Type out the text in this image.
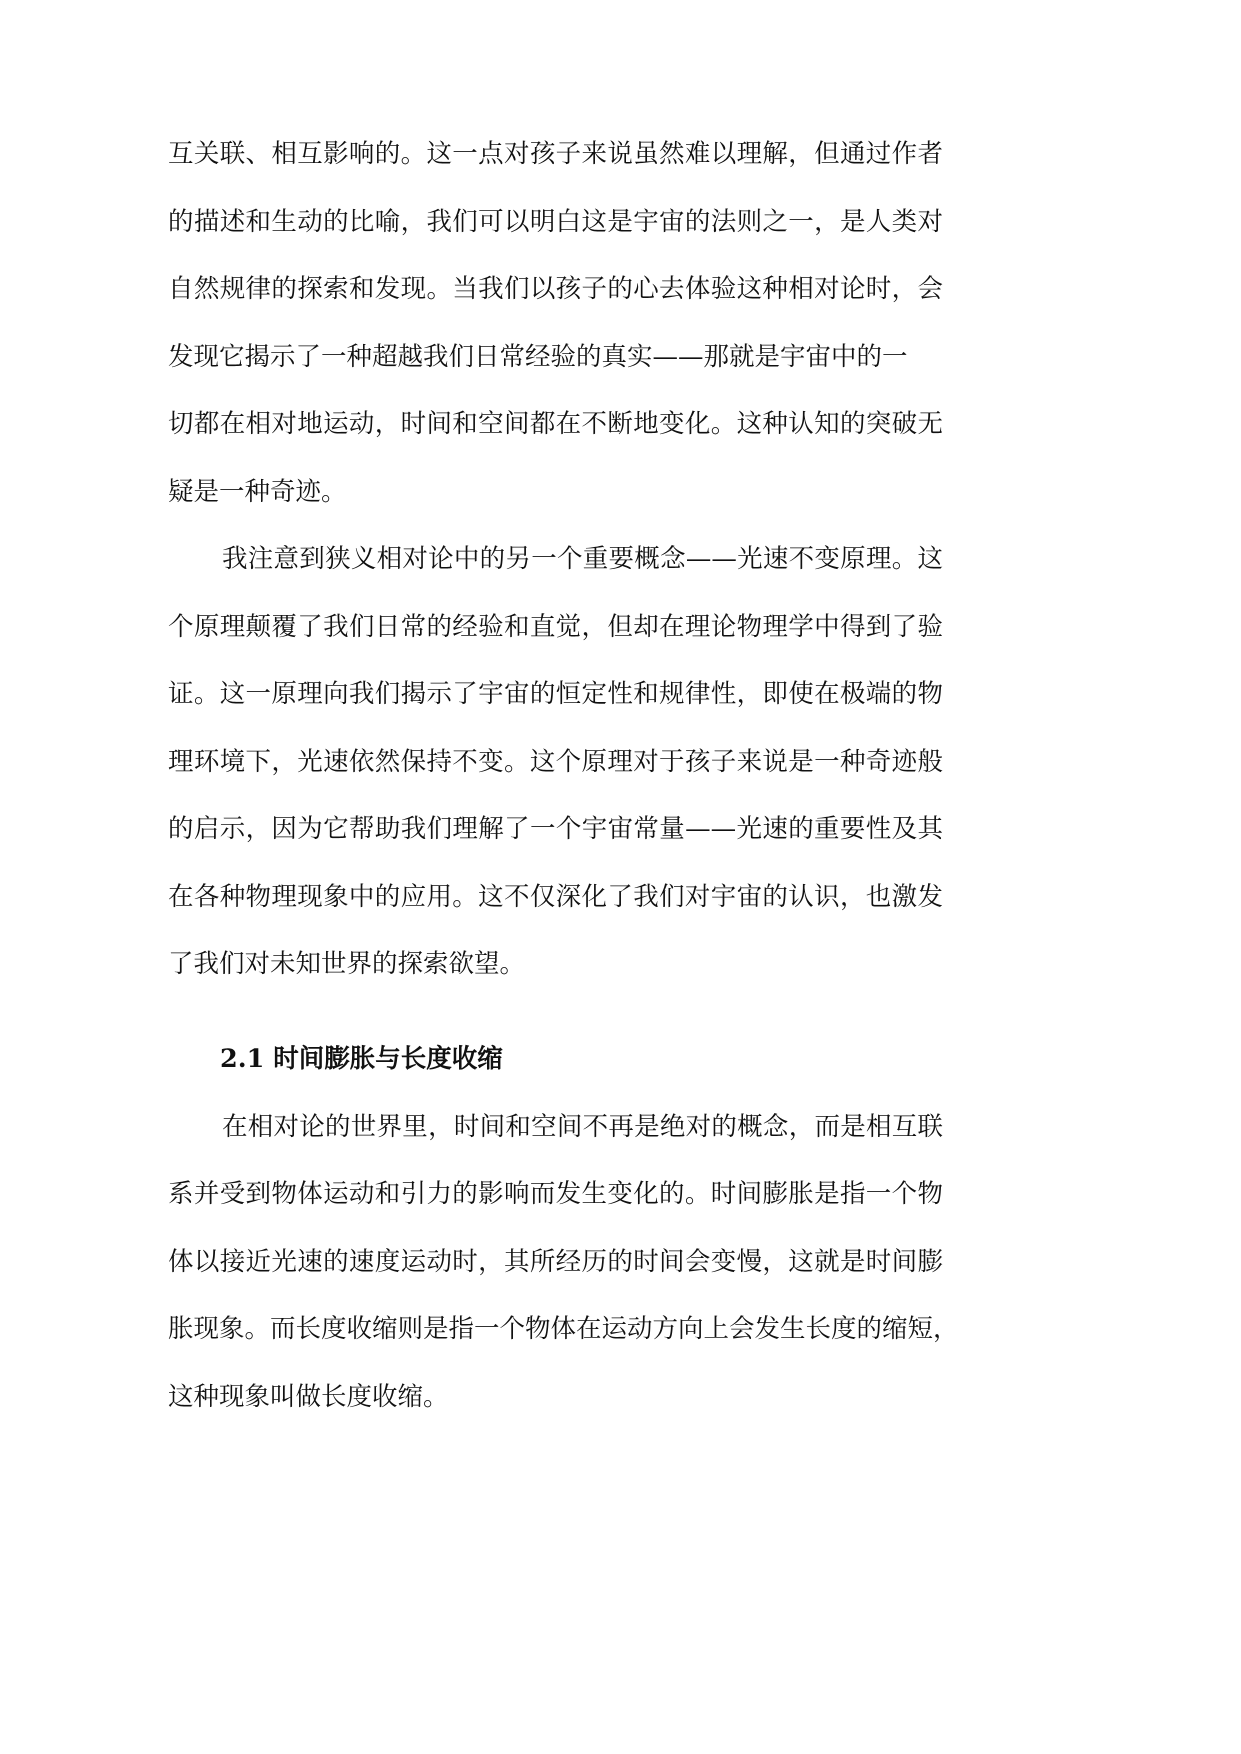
互关联、相互影响的。这一点对孩子来说虽然难以理解，但通过作者
的描述和生动的比喻，我们可以明白这是宇宙的法则之一，是人类对
自然规律的探索和发现。当我们以孩子的心去体验这种相对论时，会
发现它揭示了一种超越我们日常经验的真实——那就是宇宙中的一
切都在相对地运动，时间和空间都在不断地变化。这种认知的突破无
疑是一种奇迹。
我注意到狭义相对论中的另一个重要概念——光速不变原理。这
个原理颠覆了我们日常的经验和直觉，但却在理论物理学中得到了验
证。这一原理向我们揭示了宇宙的恒定性和规律性，即使在极端的物
理环境下，光速依然保持不变。这个原理对于孩子来说是一种奇迹般
的启示，因为它帮助我们理解了一个宇宙常量——光速的重要性及其
在各种物理现象中的应用。这不仅深化了我们对宇宙的认识，也激发
了我们对未知世界的探索欲望。
2.1 时间膨胀与长度收缩
在相对论的世界里，时间和空间不再是绝对的概念，而是相互联
系并受到物体运动和引力的影响而发生变化的。时间膨胀是指一个物
体以接近光速的速度运动时，其所经历的时间会变慢，这就是时间膨
胀现象。而长度收缩则是指一个物体在运动方向上会发生长度的缩短，
这种现象叫做长度收缩。
